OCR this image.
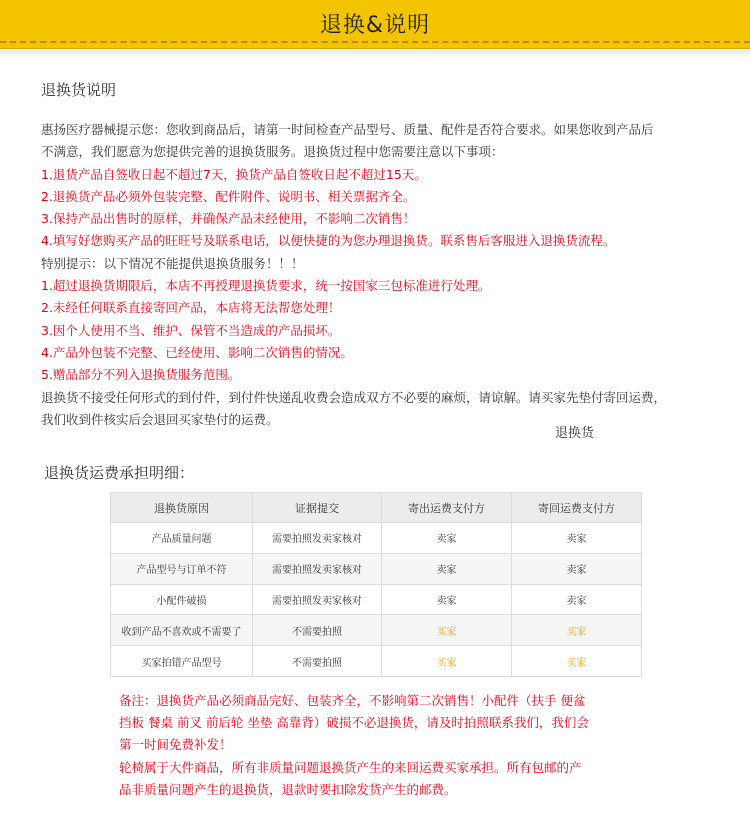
退换&说明
退换货说明
惠扬医疗器械提示您：您收到商品后，请第一时间检查产品型号、质量、配件是否符合要求。如果您收到产品后
不满意，我们愿意为您提供完善的退换货服务。退换货过程中您需要注意以下事项：
1.退货产品自签收日起不超过7天，换货产品自签收日起不超过15天。
2.退换货产品必须外包装完整、配件附件、说明书、相关票据齐全。
3.保持产品出售时的原样，并确保产品未经使用，不影响二次销售！
4.填写好您购买产品的旺旺号及联系电话，以便快捷的为您办理退换货。联系售后客服进入退换货流程。
特别提示：以下情况不能提供退换货服务！！！
1.超过退换货期限后，本店不再授理退换货要求，统一按国家三包标准进行处理。
2.未经任何联系直接寄回产品，本店将无法帮您处理！
3.因个人使用不当、维护、保管不当造成的产品损坏。
4.产品外包装不完整、已经使用、影响二次销售的情况。
5.赠品部分不列入退换货服务范围。
退换货不接受任何形式的到付件，到付件快递乱收费会造成双方不必要的麻烦，请谅解。请买家先垫付寄回运费，
我们收到件核实后会退回买家垫付的运费。
退换货
退换货运费承担明细：
退换货原因	证据提交	寄出运费支付方	寄回运费支付方
产品质量问题	需要拍照发卖家核对	卖家	卖家
产品型号与订单不符	需要拍照发卖家核对	卖家	卖家
小配件破损	需要拍照发卖家核对	卖家	卖家
收到产品不喜欢或不需要了	不需要拍照	买家	买家
买家拍错产品型号	不需要拍照	买家	买家
备注：退换货产品必须商品完好、包装齐全，不影响第二次销售！小配件（扶手 便盆
挡板 餐桌 前叉 前后轮 坐垫 高靠背）破损不必退换货，请及时拍照联系我们，我们会
第一时间免费补发！
轮椅属于大件商品，所有非质量问题退换货产生的来回运费买家承担。所有包邮的产
品非质量问题产生的退换货，退款时要扣除发货产生的邮费。
